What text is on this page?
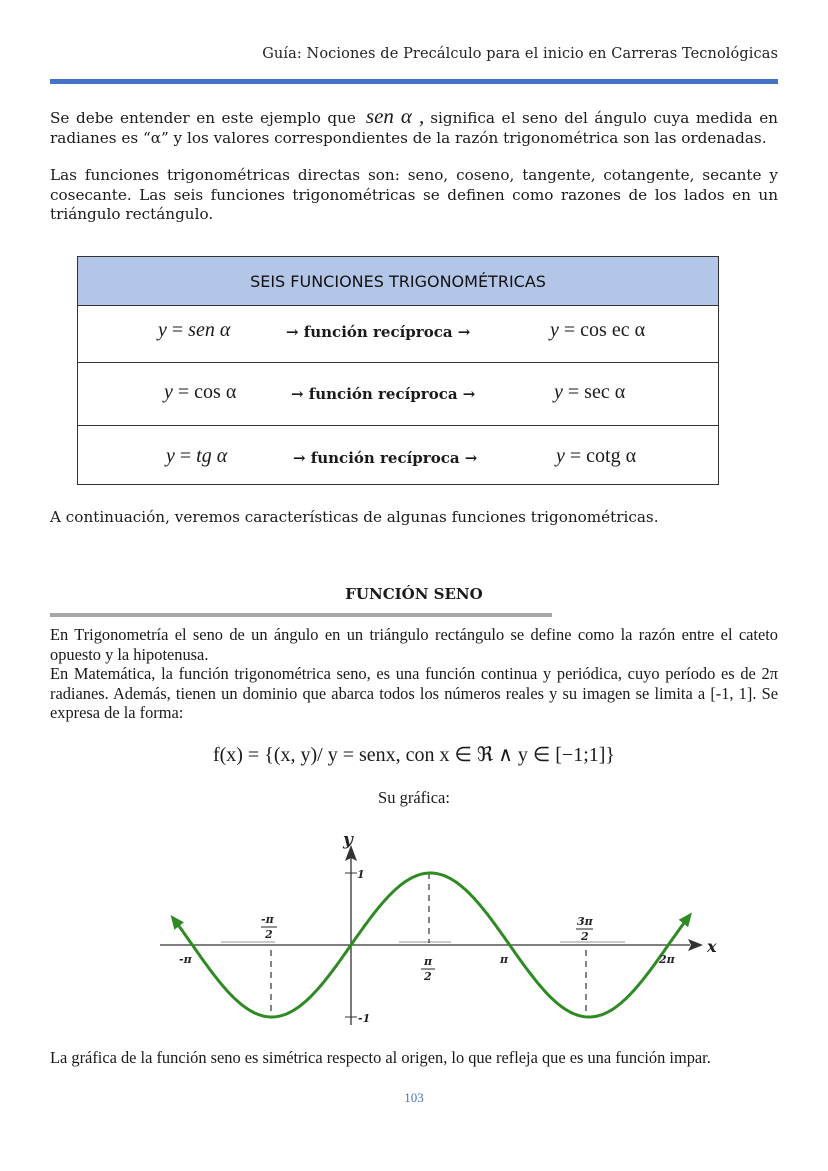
Guía: Nociones de Precálculo para el inicio en Carreras Tecnológicas

Se debe entender en este ejemplo que sen α , significa el seno del ángulo cuya medida en radianes es “α” y los valores correspondientes de la razón trigonométrica son las ordenadas.

Las funciones trigonométricas directas son: seno, coseno, tangente, cotangente, secante y cosecante. Las seis funciones trigonométricas se definen como razones de los lados en un triángulo rectángulo.

SEIS FUNCIONES TRIGONOMÉTRICAS

y = sen α	→ función recíproca →	y = cos ec α

y = cos α	→ función recíproca →	y = sec α

y = tg α	→ función recíproca →	y = cotg α

A continuación, veremos características de algunas funciones trigonométricas.

FUNCIÓN SENO

En Trigonometría el seno de un ángulo en un triángulo rectángulo se define como la razón entre el cateto opuesto y la hipotenusa.

En Matemática, la función trigonométrica seno, es una función continua y periódica, cuyo período es de 2π radianes. Además, tienen un dominio que abarca todos los números reales y su imagen se limita a [-1, 1]. Se expresa de la forma:

f(x) = {(x, y)/ y = senx, con x ∈ ℜ ∧ y ∈ [−1;1]}
Su gráfica:
y
x
1
-1
-π
-π
2
π
2
π
3π
2
2π

La gráfica de la función seno es simétrica respecto al origen, lo que refleja que es una función impar.

103
